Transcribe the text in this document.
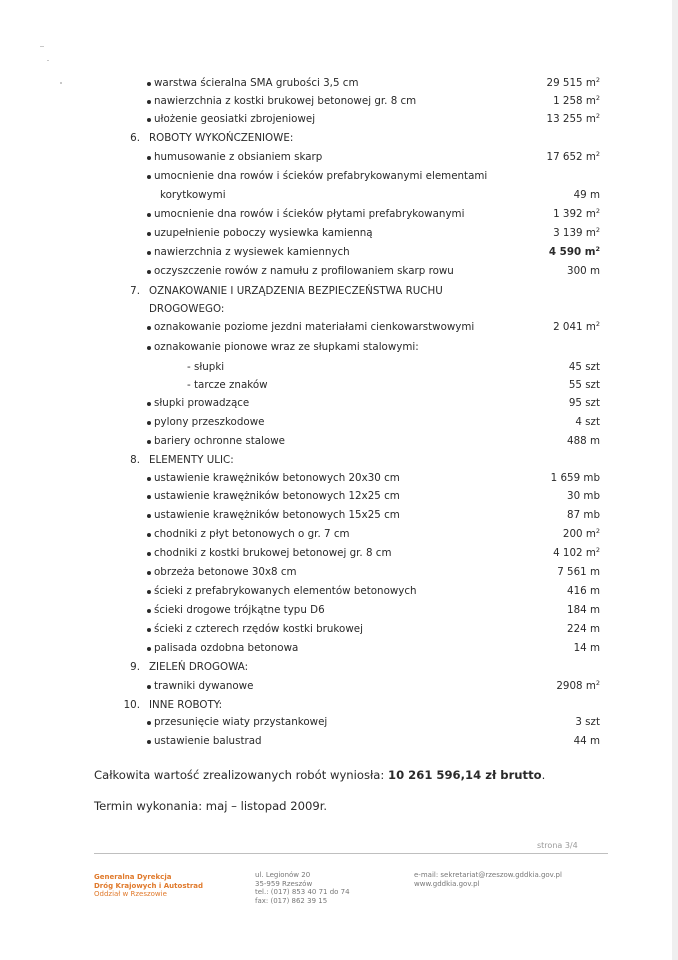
warstwa ścieralna SMA grubości 3,5 cm	29 515 $m^2$
nawierzchnia z kostki brukowej betonowej gr. 8 cm	1 258 $m^2$
ułożenie geosiatki zbrojeniowej	13 255 $m^2$
6. ROBOTY WYKOŃCZENIOWE:
humusowanie z obsianiem skarp	17 652 $m^2$
umocnienie dna rowów i ścieków prefabrykowanymi elementami
korytkowymi	49 m
umocnienie dna rowów i ścieków płytami prefabrykowanymi	1 392 $m^2$
uzupełnienie poboczy wysiewka kamienną	3 139 $m^2$
nawierzchnia z wysiewek kamiennych	4 590 $m^2$
oczyszczenie rowów z namułu z profilowaniem skarp rowu	300 m
7. OZNAKOWANIE I URZĄDZENIA BEZPIECZEŃSTWA RUCHU
DROGOWEGO:
oznakowanie poziome jezdni materiałami cienkowarstwowymi	2 041 $m^2$
oznakowanie pionowe wraz ze słupkami stalowymi:
- słupki	45 szt
- tarcze znaków	55 szt
słupki prowadzące	95 szt
pylony przeszkodowe	4 szt
bariery ochronne stalowe	488 m
8. ELEMENTY ULIC:
ustawienie krawężników betonowych 20x30 cm	1 659 mb
ustawienie krawężników betonowych 12x25 cm	30 mb
ustawienie krawężników betonowych 15x25 cm	87 mb
chodniki z płyt betonowych o gr. 7 cm	200 $m^2$
chodniki z kostki brukowej betonowej gr. 8 cm	4 102 $m^2$
obrzeża betonowe 30x8 cm	7 561 m
ścieki z prefabrykowanych elementów betonowych	416 m
ścieki drogowe trójkątne typu D6	184 m
ścieki z czterech rzędów kostki brukowej	224 m
palisada ozdobna betonowa	14 m
9. ZIELEŃ DROGOWA:
trawniki dywanowe	2908 $m^2$
10. INNE ROBOTY:
przesunięcie wiaty przystankowej	3 szt
ustawienie balustrad	44 m
Całkowita wartość zrealizowanych robót wyniosła: 10 261 596,14 zł brutto.
Termin wykonania: maj – listopad 2009r.
strona 3/4
Generalna Dyrekcja
Dróg Krajowych i Autostrad
Oddział w Rzeszowie
ul. Legionów 20
35-959 Rzeszów
tel.: (017) 853 40 71 do 74
fax: (017) 862 39 15
e-mail: sekretariat@rzeszow.gddkia.gov.pl
www.gddkia.gov.pl
